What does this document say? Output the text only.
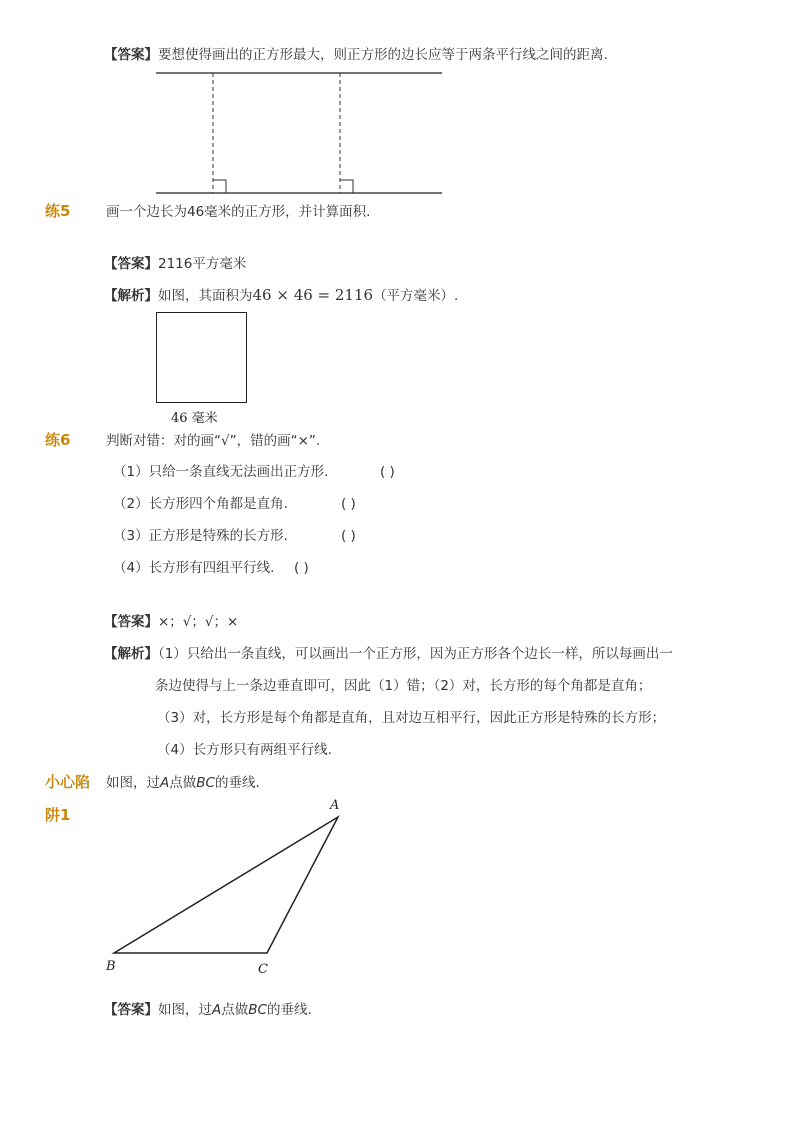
【答案】要想使得画出的正方形最大，则正方形的边长应等于两条平行线之间的距离.
练5	画一个边长为46毫米的正方形，并计算面积.
【答案】2116平方毫米
【解析】如图，其面积为46 × 46 = 2116（平方毫米）.
46 毫米
练6	判断对错：对的画“√”，错的画“×”.
（1）只给一条直线无法画出正方形.	( )
（2）长方形四个角都是直角.	( )
（3）正方形是特殊的长方形.	( )
（4）长方形有四组平行线. ( )
【答案】×；√；√；×
【解析】（1）只给出一条直线，可以画出一个正方形，因为正方形各个边长一样，所以每画出一
条边使得与上一条边垂直即可，因此（1）错；（2）对，长方形的每个角都是直角；
（3）对，长方形是每个角都是直角，且对边互相平行，因此正方形是特殊的长方形；
（4）长方形只有两组平行线.
小心陷
阱1
如图，过A点做BC的垂线.
A
B	C
【答案】如图，过A点做BC的垂线.
